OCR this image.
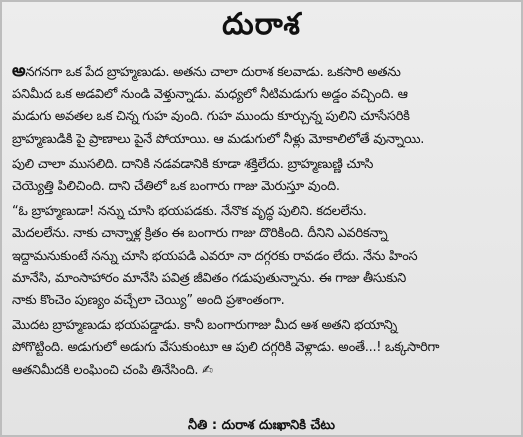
దురాశ
అనగనగా ఒక పేద బ్రాహ్మణుడు. అతను చాలా దురాశ కలవాడు. ఒకసారి అతను
పనిమీద ఒక అడవిలో నుండి వెళ్తున్నాడు. మధ్యలో నీటిమడుగు అడ్డం వచ్చింది. ఆ
మడుగు అవతల ఒక చిన్న గుహ వుంది. గుహ ముందు కూర్చున్న పులిని చూసేసరికి
బ్రాహ్మణుడికి పై ప్రాణాలు పైనే పోయాయి. ఆ మడుగులో నీళ్లు మోకాలిలోతే వున్నాయి.
పులి చాలా ముసలిది. దానికి నడవడానికి కూడా శక్తిలేదు. బ్రాహ్మణుణ్ణి చూసి
చెయ్యెత్తి పిలిచింది. దాని చేతిలో ఒక బంగారు గాజు మెరుస్తూ వుంది.
“ఓ బ్రాహ్మణుడా! నన్ను చూసి భయపడకు. నేనొక వృద్ధ పులిని. కదలలేను.
మెదలలేను. నాకు చాన్నాళ్ల క్రితం ఈ బంగారు గాజు దొరికింది. దీనిని ఎవరికన్నా
ఇద్దామనుకుంటే నన్ను చూసి భయపడి ఎవరూ నా దగ్గరకు రావడం లేదు. నేను హింస
మానేసి, మాంసాహారం మానేసి పవిత్ర జీవితం గడుపుతున్నాను. ఈ గాజు తీసుకుని
నాకు కొంచెం పుణ్యం వచ్చేలా చెయ్యి” అంది ప్రశాంతంగా.
మొదట బ్రాహ్మణుడు భయపడ్డాడు. కానీ బంగారుగాజు మీద ఆశ అతని భయాన్ని
పోగొట్టింది. అడుగులో అడుగు వేసుకుంటూ ఆ పులి దగ్గరికి వెళ్లాడు. అంతే...! ఒక్కసారిగా
ఆతనిమీదకి లంఘించి చంపి తినేసింది. ✍
నీతి : దురాశ దుఃఖానికి చేటు
